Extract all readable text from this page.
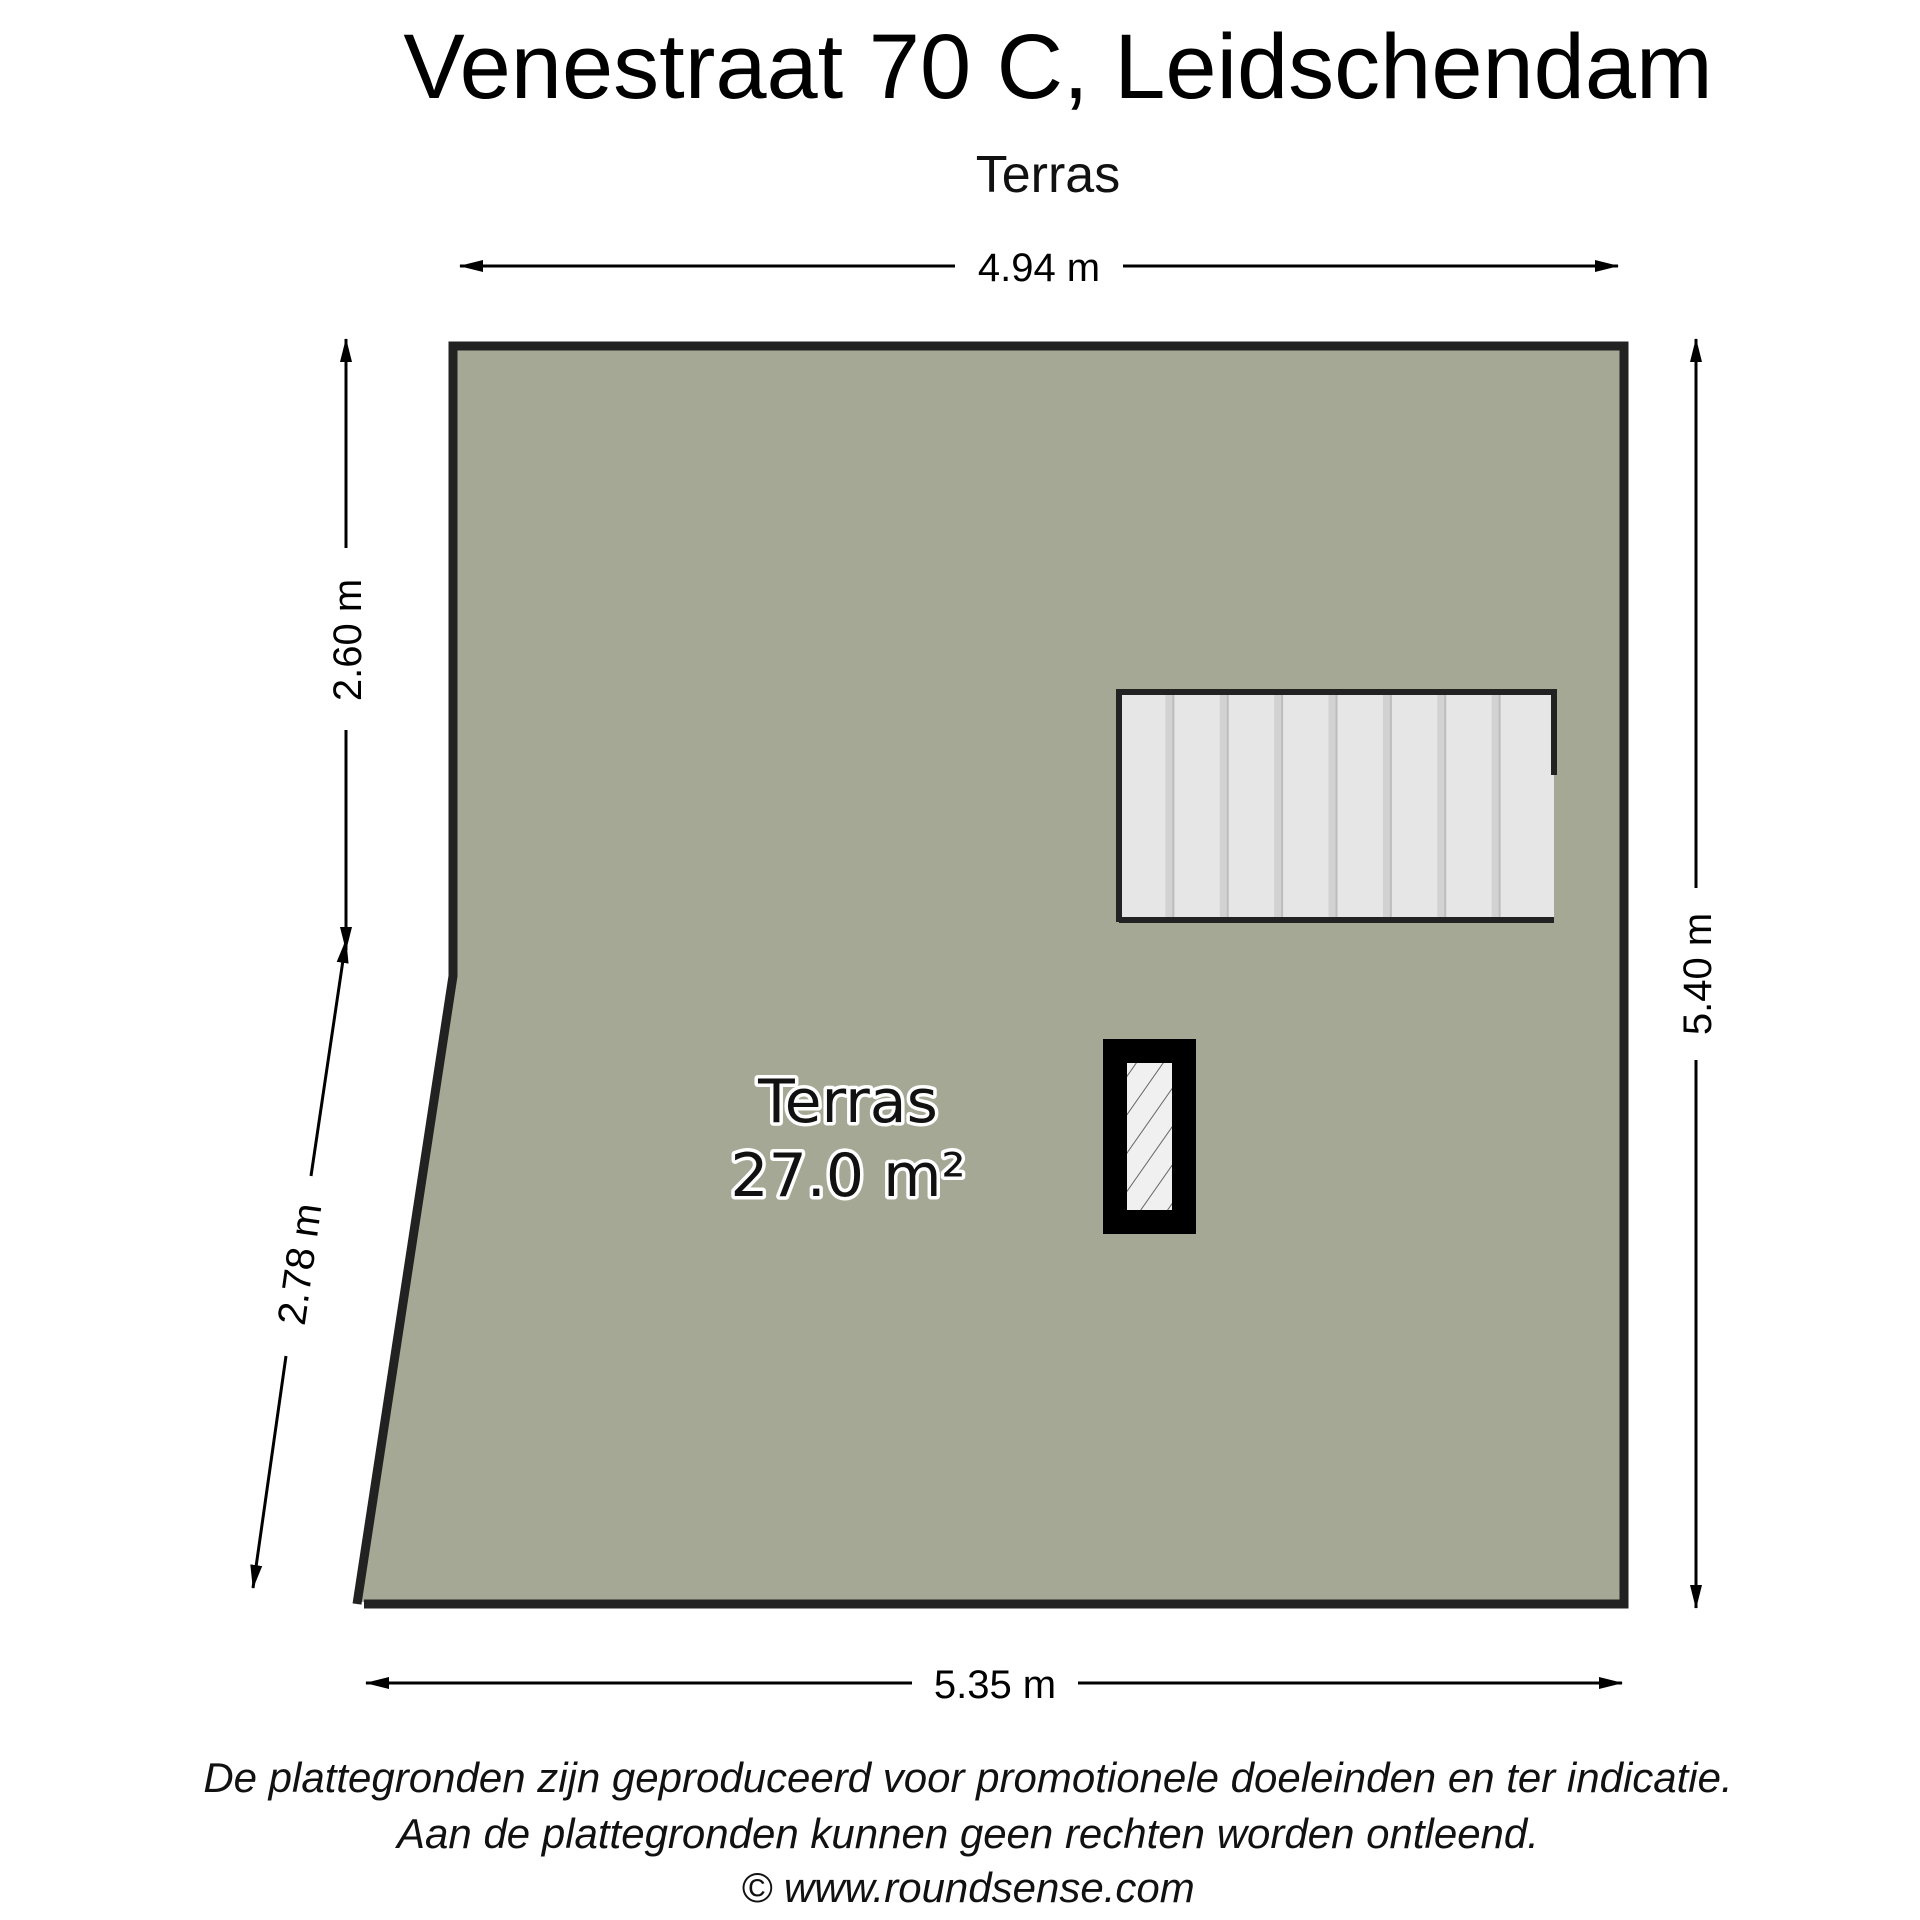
Venestraat 70 C, Leidschendam
Terras
Terras
27.0 m²
4.94 m
5.35 m
5.40 m
2.60 m
2.78 m
De plattegronden zijn geproduceerd voor promotionele doeleinden en ter indicatie.
Aan de plattegronden kunnen geen rechten worden ontleend.
© www.roundsense.com
